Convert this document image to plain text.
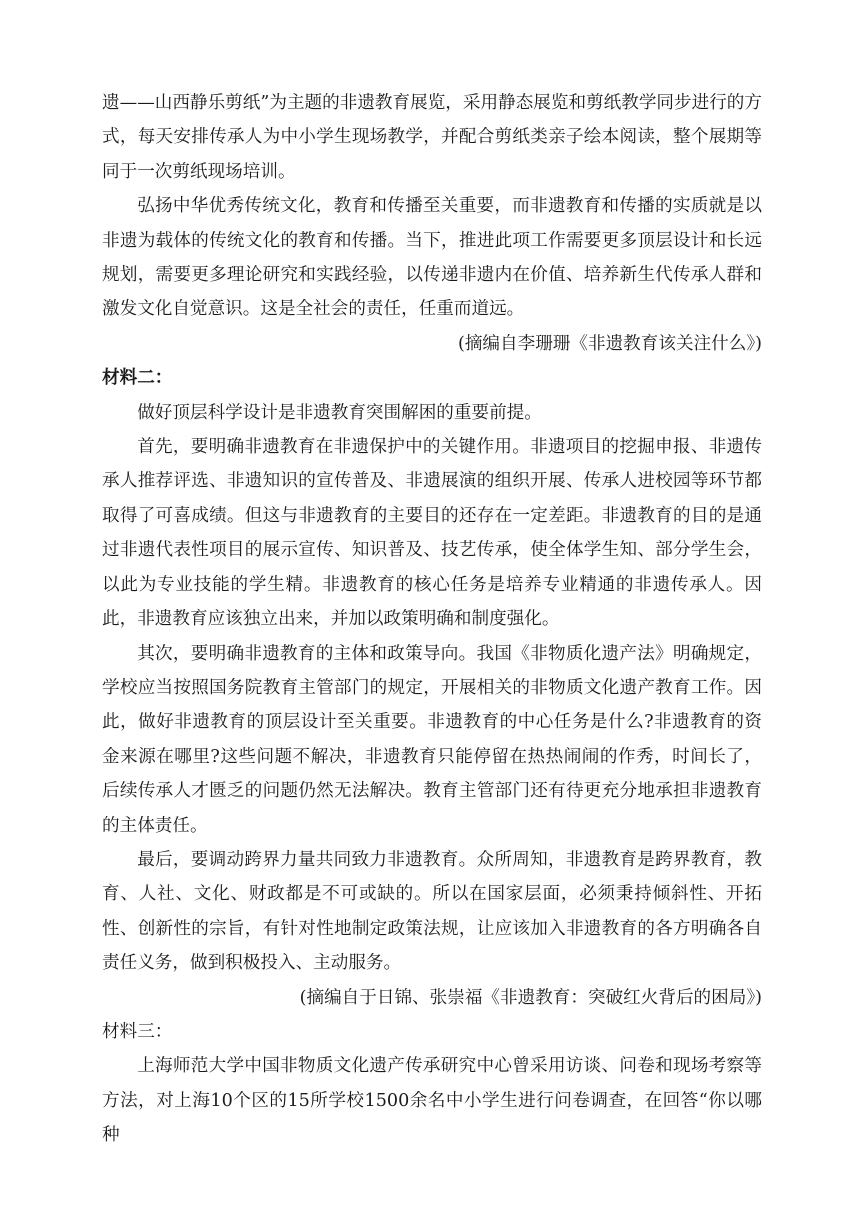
遗——山西静乐剪纸”为主题的非遗教育展览，采用静态展览和剪纸教学同步进行的方式，每天安排传承人为中小学生现场教学，并配合剪纸类亲子绘本阅读，整个展期等同于一次剪纸现场培训。

弘扬中华优秀传统文化，教育和传播至关重要，而非遗教育和传播的实质就是以非遗为载体的传统文化的教育和传播。当下，推进此项工作需要更多顶层设计和长远规划，需要更多理论研究和实践经验，以传递非遗内在价值、培养新生代传承人群和激发文化自觉意识。这是全社会的责任，任重而道远。

(摘编自李珊珊《非遗教育该关注什么》)

材料二：

做好顶层科学设计是非遗教育突围解困的重要前提。

首先，要明确非遗教育在非遗保护中的关键作用。非遗项目的挖掘申报、非遗传承人推荐评选、非遗知识的宣传普及、非遗展演的组织开展、传承人进校园等环节都取得了可喜成绩。但这与非遗教育的主要目的还存在一定差距。非遗教育的目的是通过非遗代表性项目的展示宣传、知识普及、技艺传承，使全体学生知、部分学生会，以此为专业技能的学生精。非遗教育的核心任务是培养专业精通的非遗传承人。因此，非遗教育应该独立出来，并加以政策明确和制度强化。

其次，要明确非遗教育的主体和政策导向。我国《非物质化遗产法》明确规定，学校应当按照国务院教育主管部门的规定，开展相关的非物质文化遗产教育工作。因此，做好非遗教育的顶层设计至关重要。非遗教育的中心任务是什么?非遗教育的资金来源在哪里?这些问题不解决，非遗教育只能停留在热热闹闹的作秀，时间长了，后续传承人才匮乏的问题仍然无法解决。教育主管部门还有待更充分地承担非遗教育的主体责任。

最后，要调动跨界力量共同致力非遗教育。众所周知，非遗教育是跨界教育，教育、人社、文化、财政都是不可或缺的。所以在国家层面，必须秉持倾斜性、开拓性、创新性的宗旨，有针对性地制定政策法规，让应该加入非遗教育的各方明确各自责任义务，做到积极投入、主动服务。

(摘编自于日锦、张崇福《非遗教育：突破红火背后的困局》)

材料三：

上海师范大学中国非物质文化遗产传承研究中心曾采用访谈、问卷和现场考察等方法，对上海10个区的15所学校1500余名中小学生进行问卷调查，在回答“你以哪种
